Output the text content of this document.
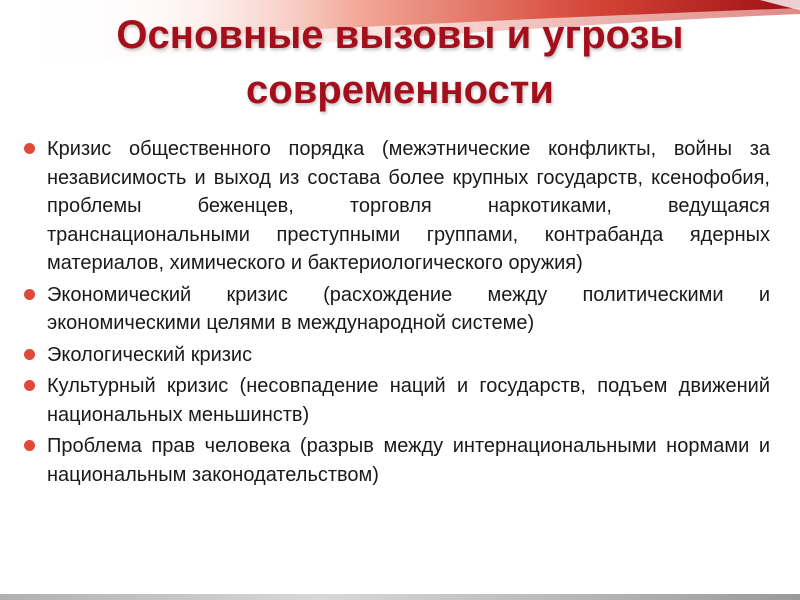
Основные вызовы и угрозы современности
Кризис общественного порядка (межэтнические конфликты, войны за независимость и выход из состава более крупных государств, ксенофобия, проблемы беженцев, торговля наркотиками, ведущаяся транснациональными преступными группами, контрабанда ядерных материалов, химического и бактериологического оружия)
Экономический кризис (расхождение между политическими и экономическими целями в международной системе)
Экологический кризис
Культурный кризис (несовпадение наций и государств, подъем движений национальных меньшинств)
Проблема прав человека (разрыв между интернациональными нормами и национальным законодательством)
